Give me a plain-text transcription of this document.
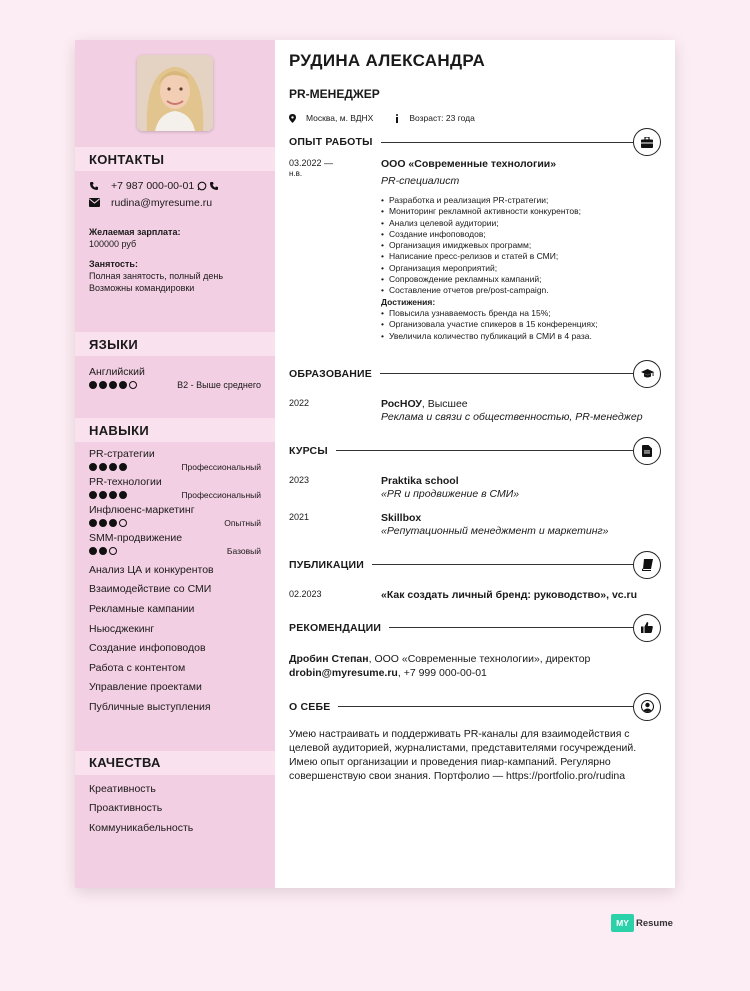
КОНТАКТЫ
+7 987 000-00-01
rudina@myresume.ru
Желаемая зарплата:
100000 руб
Занятость:
Полная занятость, полный день
Возможны командировки
ЯЗЫКИ
Английский
B2 - Выше среднего
НАВЫКИ
PR-стратегии
Профессиональный
PR-технологии
Профессиональный
Инфлюенс-маркетинг
Опытный
SMM-продвижение
Базовый
Анализ ЦА и конкурентов
Взаимодействие со СМИ
Рекламные кампании
Ньюсджекинг
Создание инфоповодов
Работа с контентом
Управление проектами
Публичные выступления
КАЧЕСТВА
Креативность
Проактивность
Коммуникабельность
РУДИНА АЛЕКСАНДРА
PR-МЕНЕДЖЕР
Москва, м. ВДНХ	Возраст: 23 года
ОПЫТ РАБОТЫ
03.2022 —
н.в.
ООО «Современные технологии»
PR-специалист
• Разработка и реализация PR-стратегии;
• Мониторинг рекламной активности конкурентов;
• Анализ целевой аудитории;
• Создание инфоповодов;
• Организация имиджевых программ;
• Написание пресс-релизов и статей в СМИ;
• Организация мероприятий;
• Сопровождение рекламных кампаний;
• Составление отчетов pre/post-campaign.
Достижения:
• Повысила узнаваемость бренда на 15%;
• Организовала участие спикеров в 15 конференциях;
• Увеличила количество публикаций в СМИ в 4 раза.
ОБРАЗОВАНИЕ
2022	РосНОУ, Высшее
Реклама и связи с общественностью, PR-менеджер
КУРСЫ
2023	Praktika school
«PR и продвижение в СМИ»
2021	Skillbox
«Репутационный менеджмент и маркетинг»
ПУБЛИКАЦИИ
02.2023	«Как создать личный бренд: руководство», vc.ru
РЕКОМЕНДАЦИИ
Дробин Степан, ООО «Современные технологии», директор
drobin@myresume.ru, +7 999 000-00-01
О СЕБЕ
Умею настраивать и поддерживать PR-каналы для взаимодействия с
целевой аудиторией, журналистами, представителями госучреждений.
Имею опыт организации и проведения пиар-кампаний. Регулярно
совершенствую свои знания. Портфолио — https://portfolio.pro/rudina
MY Resume
